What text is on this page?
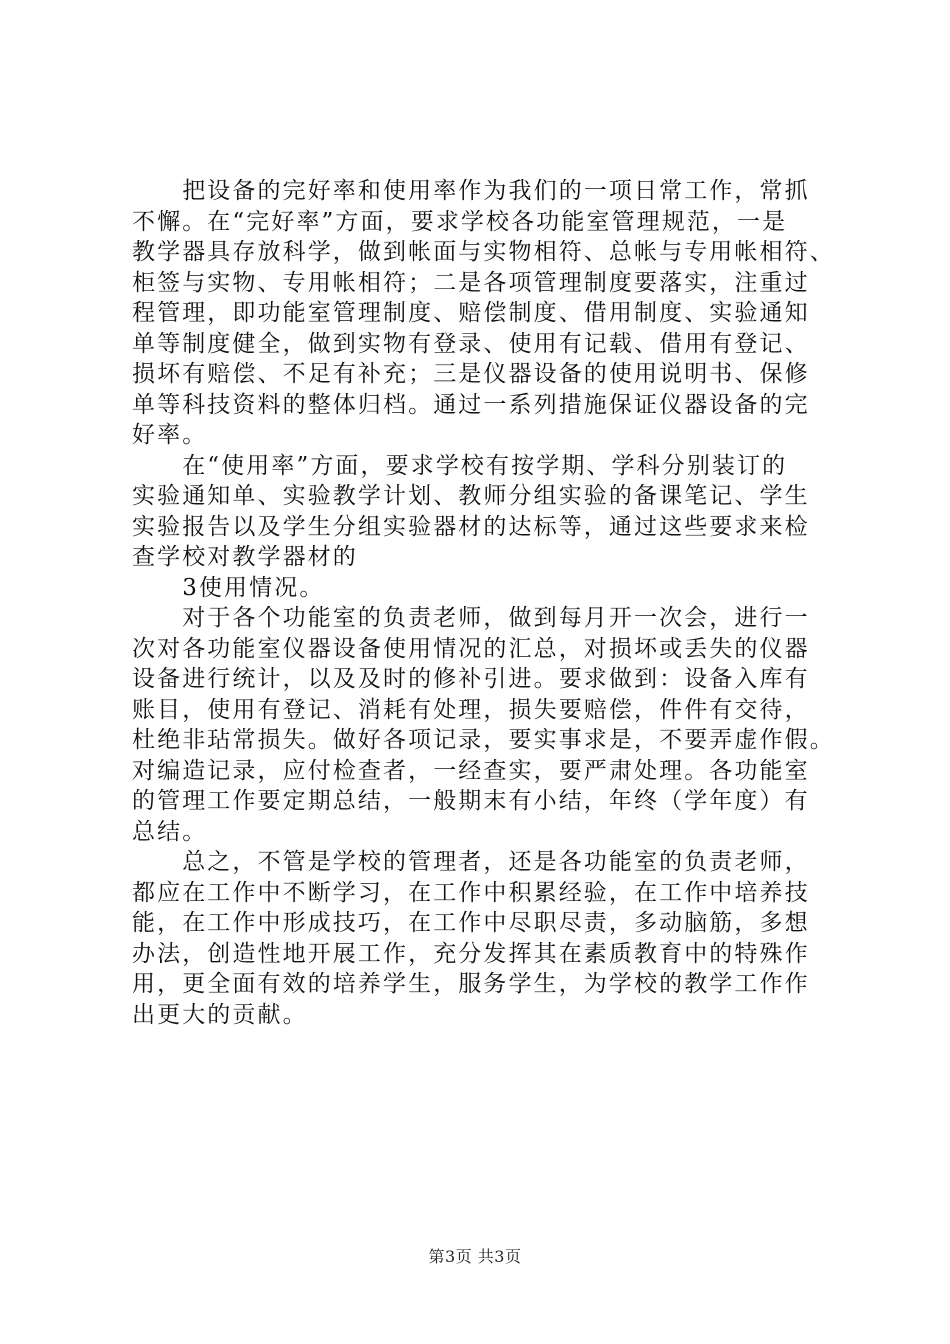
　　把设备的完好率和使用率作为我们的一项日常工作，常抓
不懈。在“完好率”方面，要求学校各功能室管理规范，一是
教学器具存放科学，做到帐面与实物相符、总帐与专用帐相符、
柜签与实物、专用帐相符；二是各项管理制度要落实，注重过
程管理，即功能室管理制度、赔偿制度、借用制度、实验通知
单等制度健全，做到实物有登录、使用有记载、借用有登记、
损坏有赔偿、不足有补充；三是仪器设备的使用说明书、保修
单等科技资料的整体归档。通过一系列措施保证仪器设备的完
好率。
　　在“使用率”方面，要求学校有按学期、学科分别装订的
实验通知单、实验教学计划、教师分组实验的备课笔记、学生
实验报告以及学生分组实验器材的达标等，通过这些要求来检
查学校对教学器材的
　　3使用情况。
　　对于各个功能室的负责老师，做到每月开一次会，进行一
次对各功能室仪器设备使用情况的汇总，对损坏或丢失的仪器
设备进行统计，以及及时的修补引进。要求做到：设备入库有
账目，使用有登记、消耗有处理，损失要赔偿，件件有交待，
杜绝非玷常损失。做好各项记录，要实事求是，不要弄虚作假。
对编造记录，应付检查者，一经查实，要严肃处理。各功能室
的管理工作要定期总结，一般期末有小结，年终（学年度）有
总结。
　　总之，不管是学校的管理者，还是各功能室的负责老师，
都应在工作中不断学习，在工作中积累经验，在工作中培养技
能，在工作中形成技巧，在工作中尽职尽责，多动脑筋，多想
办法，创造性地开展工作，充分发挥其在素质教育中的特殊作
用，更全面有效的培养学生，服务学生，为学校的教学工作作
出更大的贡献。
第3页 共3页
